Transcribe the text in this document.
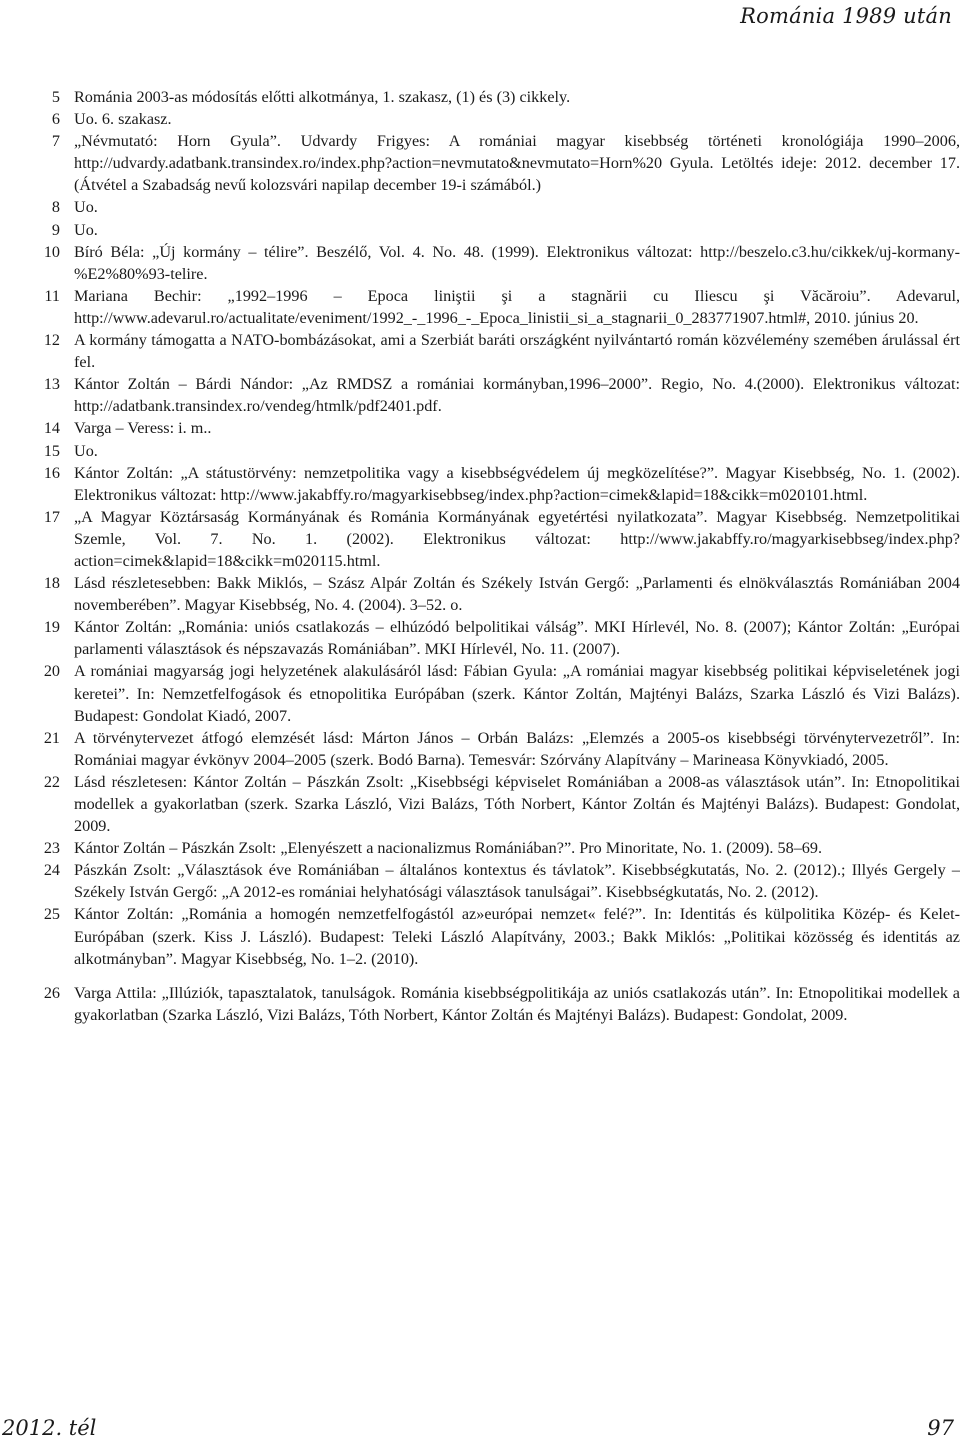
Románia 1989 után
5 Románia 2003-as módosítás előtti alkotmánya, 1. szakasz, (1) és (3) cikkely.
6 Uo. 6. szakasz.
7 „Névmutató: Horn Gyula”. Udvardy Frigyes: A romániai magyar kisebbség történeti kronológiája 1990–2006, http://udvardy.adatbank.transindex.ro/index.php?action=nevmutato&nevmutato=Horn%20 Gyula. Letöltés ideje: 2012. december 17. (Átvétel a Szabadság nevű kolozsvári napilap december 19-i számából.)
8 Uo.
9 Uo.
10 Bíró Béla: „Új kormány – télire”. Beszélő, Vol. 4. No. 48. (1999). Elektronikus változat: http://beszelo.c3.hu/cikkek/uj-kormany-%E2%80%93-telire.
11 Mariana Bechir: „1992–1996 – Epoca liniştii şi a stagnării cu Iliescu şi Văcăroiu”. Adevarul, http://www.adevarul.ro/actualitate/eveniment/1992_-_1996_-_Epoca_linistii_si_a_stagnarii_0_283771907.html#, 2010. június 20.
12 A kormány támogatta a NATO-bombázásokat, ami a Szerbiát baráti országként nyilvántartó román közvélemény szemében árulással ért fel.
13 Kántor Zoltán – Bárdi Nándor: „Az RMDSZ a romániai kormányban,1996–2000”. Regio, No. 4.(2000). Elektronikus változat: http://adatbank.transindex.ro/vendeg/htmlk/pdf2401.pdf.
14 Varga – Veress: i. m..
15 Uo.
16 Kántor Zoltán: „A státustörvény: nemzetpolitika vagy a kisebbségvédelem új megközelítése?”. Magyar Kisebbség, No. 1. (2002). Elektronikus változat: http://www.jakabffy.ro/magyarkisebbseg/index.php?action=cimek&lapid=18&cikk=m020101.html.
17 „A Magyar Köztársaság Kormányának és Románia Kormányának egyetértési nyilatkozata”. Magyar Kisebbség. Nemzetpolitikai Szemle, Vol. 7. No. 1. (2002). Elektronikus változat: http://www.jakabffy.ro/magyarkisebbseg/index.php?action=cimek&lapid=18&cikk=m020115.html.
18 Lásd részletesebben: Bakk Miklós, – Szász Alpár Zoltán és Székely István Gergő: „Parlamenti és elnökválasztás Romániában 2004 novemberében”. Magyar Kisebbség, No. 4. (2004). 3–52. o.
19 Kántor Zoltán: „Románia: uniós csatlakozás – elhúzódó belpolitikai válság”. MKI Hírlevél, No. 8. (2007); Kántor Zoltán: „Európai parlamenti választások és népszavazás Romániában”. MKI Hírlevél, No. 11. (2007).
20 A romániai magyarság jogi helyzetének alakulásáról lásd: Fábian Gyula: „A romániai magyar kisebbség politikai képviseletének jogi keretei”. In: Nemzetfelfogások és etnopolitika Európában (szerk. Kántor Zoltán, Majtényi Balázs, Szarka László és Vizi Balázs). Budapest: Gondolat Kiadó, 2007.
21 A törvénytervezet átfogó elemzését lásd: Márton János – Orbán Balázs: „Elemzés a 2005-os kisebbségi törvénytervezetről”. In: Romániai magyar évkönyv 2004–2005 (szerk. Bodó Barna). Temesvár: Szórvány Alapítvány – Marineasa Könyvkiadó, 2005.
22 Lásd részletesen: Kántor Zoltán – Pászkán Zsolt: „Kisebbségi képviselet Romániában a 2008-as választások után”. In: Etnopolitikai modellek a gyakorlatban (szerk. Szarka László, Vizi Balázs, Tóth Norbert, Kántor Zoltán és Majtényi Balázs). Budapest: Gondolat, 2009.
23 Kántor Zoltán – Pászkán Zsolt: „Elenyészett a nacionalizmus Romániában?”. Pro Minoritate, No. 1. (2009). 58–69.
24 Pászkán Zsolt: „Választások éve Romániában – általános kontextus és távlatok”. Kisebbségkutatás, No. 2. (2012).; Illyés Gergely – Székely István Gergő: „A 2012-es romániai helyhatósági választások tanulságai”. Kisebbségkutatás, No. 2. (2012).
25 Kántor Zoltán: „Románia a homogén nemzetfelfogástól az»európai nemzet« felé?”. In: Identitás és külpolitika Közép- és Kelet-Európában (szerk. Kiss J. László). Budapest: Teleki László Alapítvány, 2003.; Bakk Miklós: „Politikai közösség és identitás az alkotmányban”. Magyar Kisebbség, No. 1–2. (2010).
26 Varga Attila: „Illúziók, tapasztalatok, tanulságok. Románia kisebbségpolitikája az uniós csatlakozás után”. In: Etnopolitikai modellek a gyakorlatban (Szarka László, Vizi Balázs, Tóth Norbert, Kántor Zoltán és Majtényi Balázs). Budapest: Gondolat, 2009.
2012. tél	97
